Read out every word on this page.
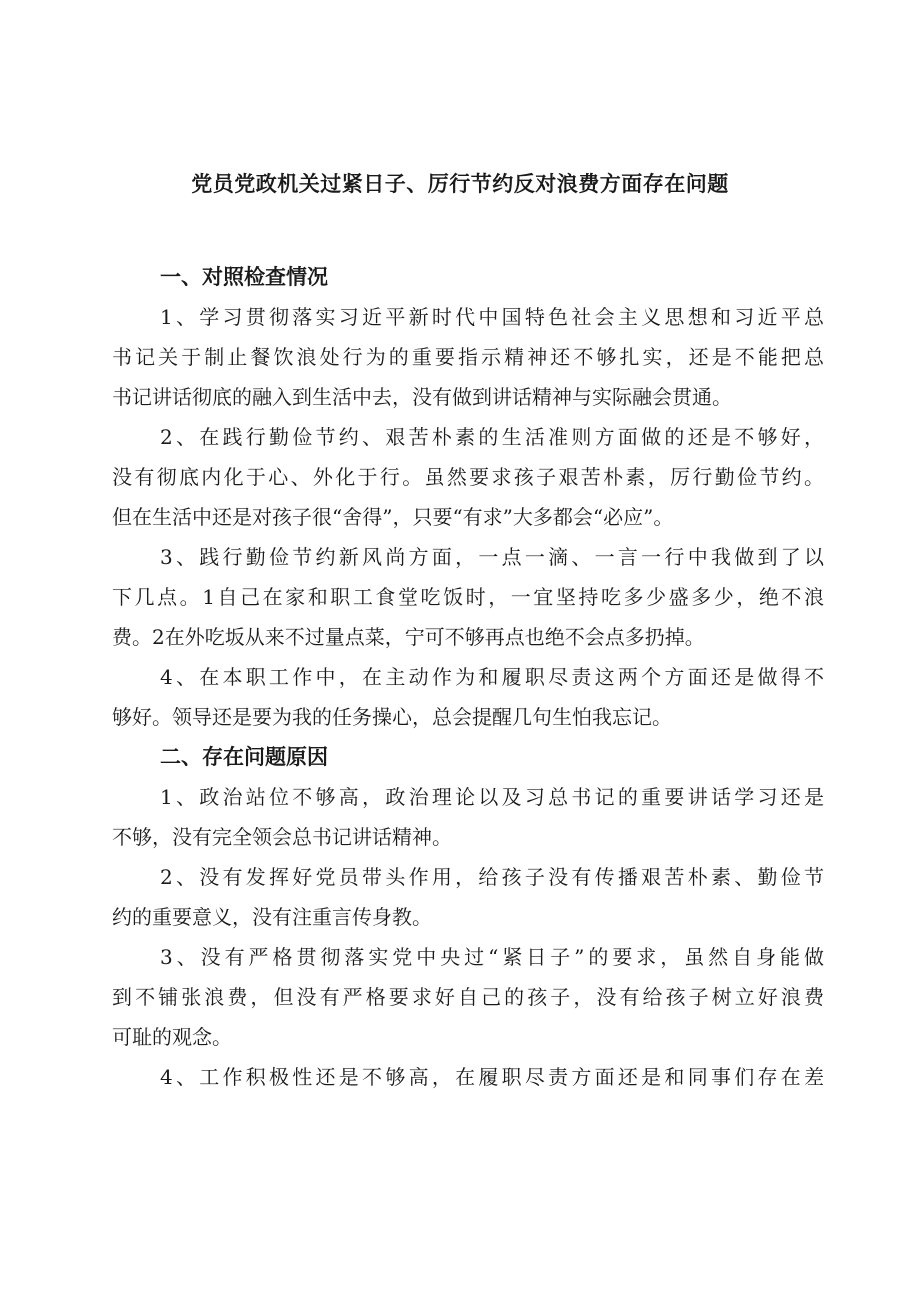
党员党政机关过紧日子、厉行节约反对浪费方面存在问题
一、对照检查情况
1、学习贯彻落实习近平新时代中国特色社会主义思想和习近平总
书记关于制止餐饮浪处行为的重要指示精神还不够扎实，还是不能把总
书记讲话彻底的融入到生活中去，没有做到讲话精神与实际融会贯通。
2、在践行勤俭节约、艰苦朴素的生活准则方面做的还是不够好，
没有彻底内化于心、外化于行。虽然要求孩子艰苦朴素，厉行勤俭节约。
但在生活中还是对孩子很“舍得”，只要“有求”大多都会“必应”。
3、践行勤俭节约新风尚方面，一点一滴、一言一行中我做到了以
下几点。1自己在家和职工食堂吃饭时，一宜坚持吃多少盛多少，绝不浪
费。2在外吃坂从来不过量点菜，宁可不够再点也绝不会点多扔掉。
4、在本职工作中，在主动作为和履职尽责这两个方面还是做得不
够好。领导还是要为我的任务操心，总会提醒几句生怕我忘记。
二、存在问题原因
1、政治站位不够高，政治理论以及习总书记的重要讲话学习还是
不够，没有完全领会总书记讲话精神。
2、没有发挥好党员带头作用，给孩子没有传播艰苦朴素、勤俭节
约的重要意义，没有注重言传身教。
3、没有严格贯彻落实党中央过“紧日子”的要求，虽然自身能做
到不铺张浪费，但没有严格要求好自己的孩子，没有给孩子树立好浪费
可耻的观念。
4、工作积极性还是不够高，在履职尽责方面还是和同事们存在差
